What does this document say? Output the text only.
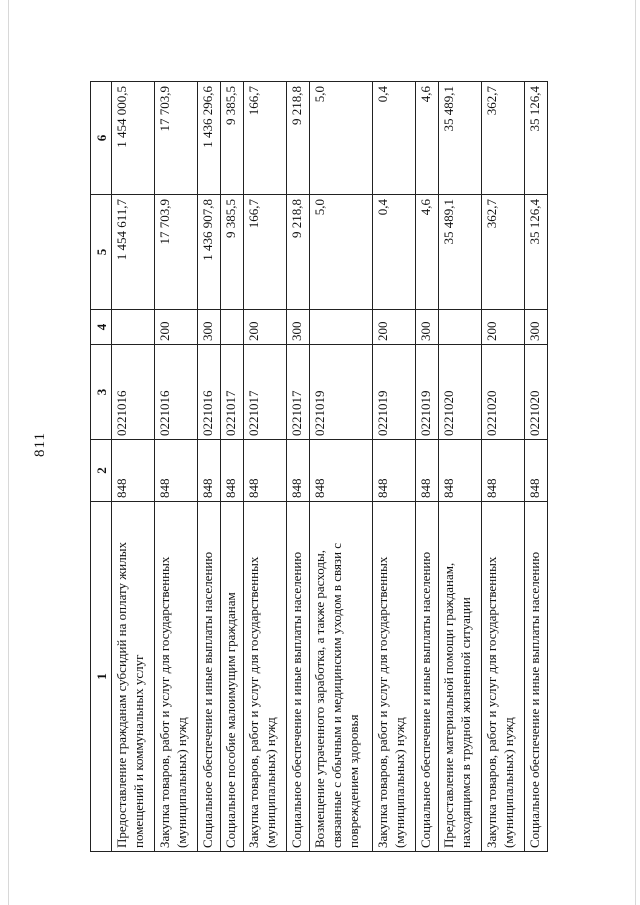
811
1	2	3	4	5	6
Предоставление гражданам субсидий на оплату жилых помещений и коммунальных услуг	848	0221016		1 454 611,7	1 454 000,5
Закупка товаров, работ и услуг для государственных (муниципальных) нужд	848	0221016	200	17 703,9	17 703,9
Социальное обеспечение и иные выплаты населению	848	0221016	300	1 436 907,8	1 436 296,6
Социальное пособие малоимущим гражданам	848	0221017		9 385,5	9 385,5
Закупка товаров, работ и услуг для государственных (муниципальных) нужд	848	0221017	200	166,7	166,7
Социальное обеспечение и иные выплаты населению	848	0221017	300	9 218,8	9 218,8
Возмещение утраченного заработка, а также расходы, связанные с обычным и медицинским уходом в связи с повреждением здоровья	848	0221019		5,0	5,0
Закупка товаров, работ и услуг для государственных (муниципальных) нужд	848	0221019	200	0,4	0,4
Социальное обеспечение и иные выплаты населению	848	0221019	300	4,6	4,6
Предоставление материальной помощи гражданам, находящимся в трудной жизненной ситуации	848	0221020		35 489,1	35 489,1
Закупка товаров, работ и услуг для государственных (муниципальных) нужд	848	0221020	200	362,7	362,7
Социальное обеспечение и иные выплаты населению	848	0221020	300	35 126,4	35 126,4
